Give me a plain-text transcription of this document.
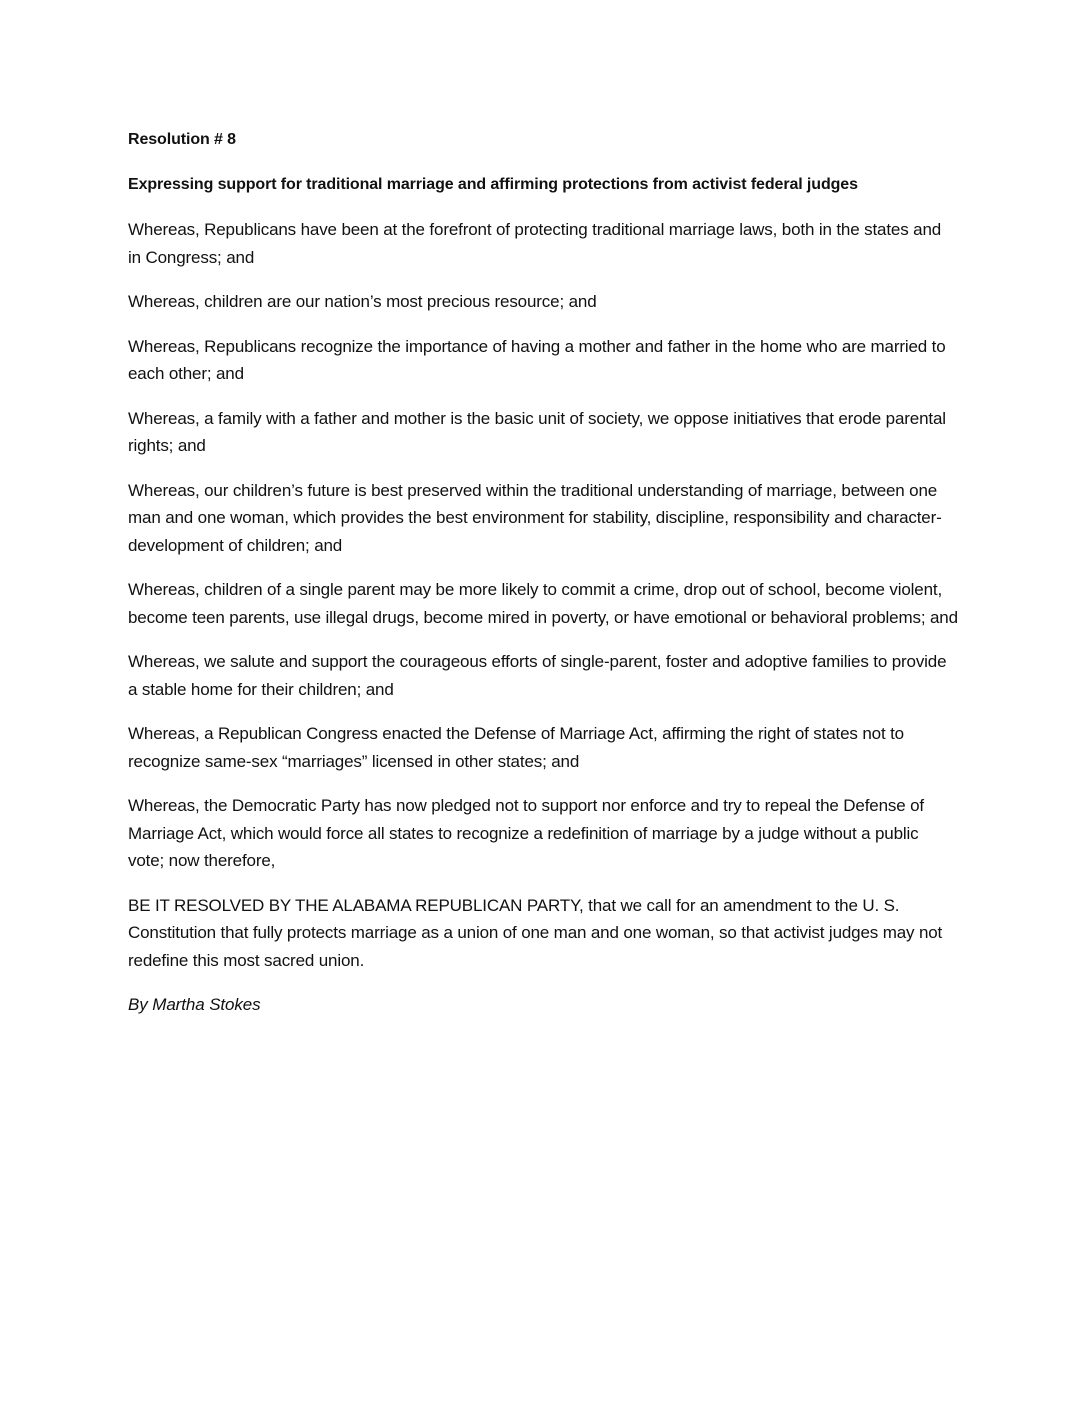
Resolution # 8

Expressing support for traditional marriage and affirming protections from activist federal judges

Whereas, Republicans have been at the forefront of protecting traditional marriage laws, both in the states and in Congress; and

Whereas, children are our nation’s most precious resource; and

Whereas, Republicans recognize the importance of having a mother and father in the home who are married to each other; and

Whereas, a family with a father and mother is the basic unit of society, we oppose initiatives that erode parental rights; and

Whereas, our children’s future is best preserved within the traditional understanding of marriage, between one man and one woman, which provides the best environment for stability, discipline, responsibility and character-development of children; and

Whereas, children of a single parent may be more likely to commit a crime, drop out of school, become violent, become teen parents, use illegal drugs, become mired in poverty, or have emotional or behavioral problems; and

Whereas, we salute and support the courageous efforts of single-parent, foster and adoptive families to provide a stable home for their children; and

Whereas, a Republican Congress enacted the Defense of Marriage Act, affirming the right of states not to recognize same-sex “marriages” licensed in other states; and

Whereas, the Democratic Party has now pledged not to support nor enforce and try to repeal the Defense of Marriage Act, which would force all states to recognize a redefinition of marriage by a judge without a public vote; now therefore,

BE IT RESOLVED BY THE ALABAMA REPUBLICAN PARTY, that we call for an amendment to the U. S. Constitution that fully protects marriage as a union of one man and one woman, so that activist judges may not redefine this most sacred union.

By Martha Stokes
